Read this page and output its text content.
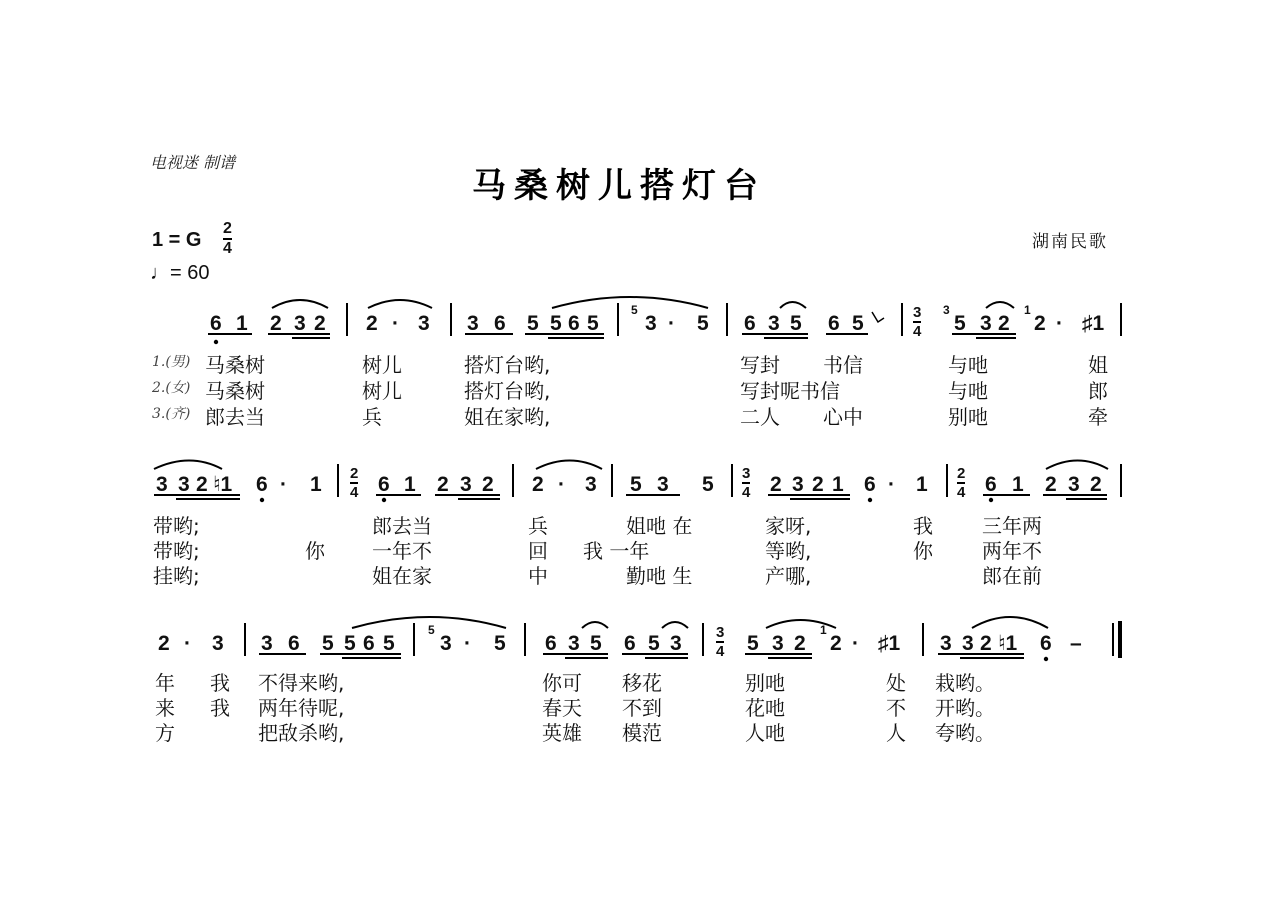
电视迷 制谱
马桑树儿搭灯台
湖南民歌
1 = G
2
4
♩= 60
6 1 2 3 2 2 · 3 3 6 5 5 6 5 3 · 5 6 3 5 6 5	5 3 2 2 · ♯1
3 3 2 ♮1 6 · 1	6 1 2 3 2 2 · 3 5 3 5	2 3 2 1 6 · 1	6 1 2 3 2
2 · 3 3 6 5 5 6 5 3 · 5 6 3 5 6 5 3	5 3 2 2 · ♯1 3 3 2 ♮1 6 –
5	3	1
5	1
3
4
2
4
3
4
2
4
3
4
1.(男)
2.(女)
3.(齐)
马桑树	树儿	搭灯台哟,	写封 书信	与吔	姐
马桑树	树儿	搭灯台哟,	写封呢书信	与吔	郎
郎去当	兵	姐在家哟,	二人 心中	别吔	牵
带哟;	郎去当	兵	姐吔 在	家呀,	我 三年两
带哟;	你 一年不	回 我 一年	等哟,	你 两年不
挂哟;	姐在家	中	勤吔 生	产哪,	郎在前
年 我 不得来哟,	你可 移花	别吔	处 栽哟。
来 我 两年待呢,	春天 不到	花吔	不 开哟。
方	把敌杀哟,	英雄 模范	人吔	人 夸哟。
